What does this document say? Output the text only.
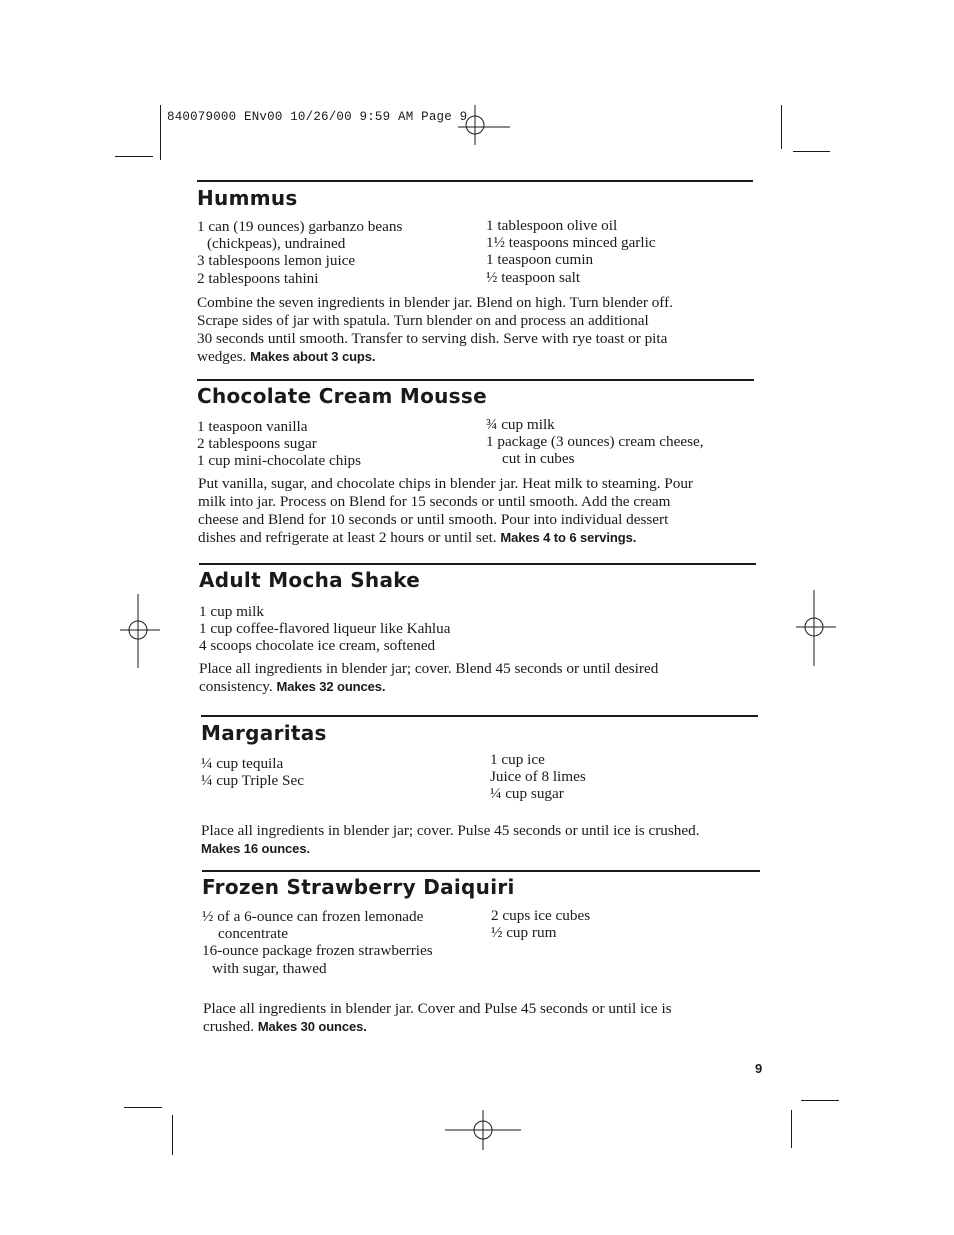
840079000 ENv00 10/26/00 9:59 AM Page 9
Hummus
1 can (19 ounces) garbanzo beans
(chickpeas), undrained
3 tablespoons lemon juice
2 tablespoons tahini
1 tablespoon olive oil
1½ teaspoons minced garlic
1 teaspoon cumin
½ teaspoon salt
Combine the seven ingredients in blender jar. Blend on high. Turn blender off.
Scrape sides of jar with spatula. Turn blender on and process an additional
30 seconds until smooth. Transfer to serving dish. Serve with rye toast or pita
wedges. Makes about 3 cups.
Chocolate Cream Mousse
1 teaspoon vanilla
2 tablespoons sugar
1 cup mini-chocolate chips
¾ cup milk
1 package (3 ounces) cream cheese,
cut in cubes
Put vanilla, sugar, and chocolate chips in blender jar. Heat milk to steaming. Pour
milk into jar. Process on Blend for 15 seconds or until smooth. Add the cream
cheese and Blend for 10 seconds or until smooth. Pour into individual dessert
dishes and refrigerate at least 2 hours or until set. Makes 4 to 6 servings.
Adult Mocha Shake
1 cup milk
1 cup coffee-flavored liqueur like Kahlua
4 scoops chocolate ice cream, softened
Place all ingredients in blender jar; cover. Blend 45 seconds or until desired
consistency. Makes 32 ounces.
Margaritas
¼ cup tequila
¼ cup Triple Sec
1 cup ice
Juice of 8 limes
¼ cup sugar
Place all ingredients in blender jar; cover. Pulse 45 seconds or until ice is crushed.
Makes 16 ounces.
Frozen Strawberry Daiquiri
½ of a 6-ounce can frozen lemonade
concentrate
16-ounce package frozen strawberries
with sugar, thawed
2 cups ice cubes
½ cup rum
Place all ingredients in blender jar. Cover and Pulse 45 seconds or until ice is
crushed. Makes 30 ounces.
9
